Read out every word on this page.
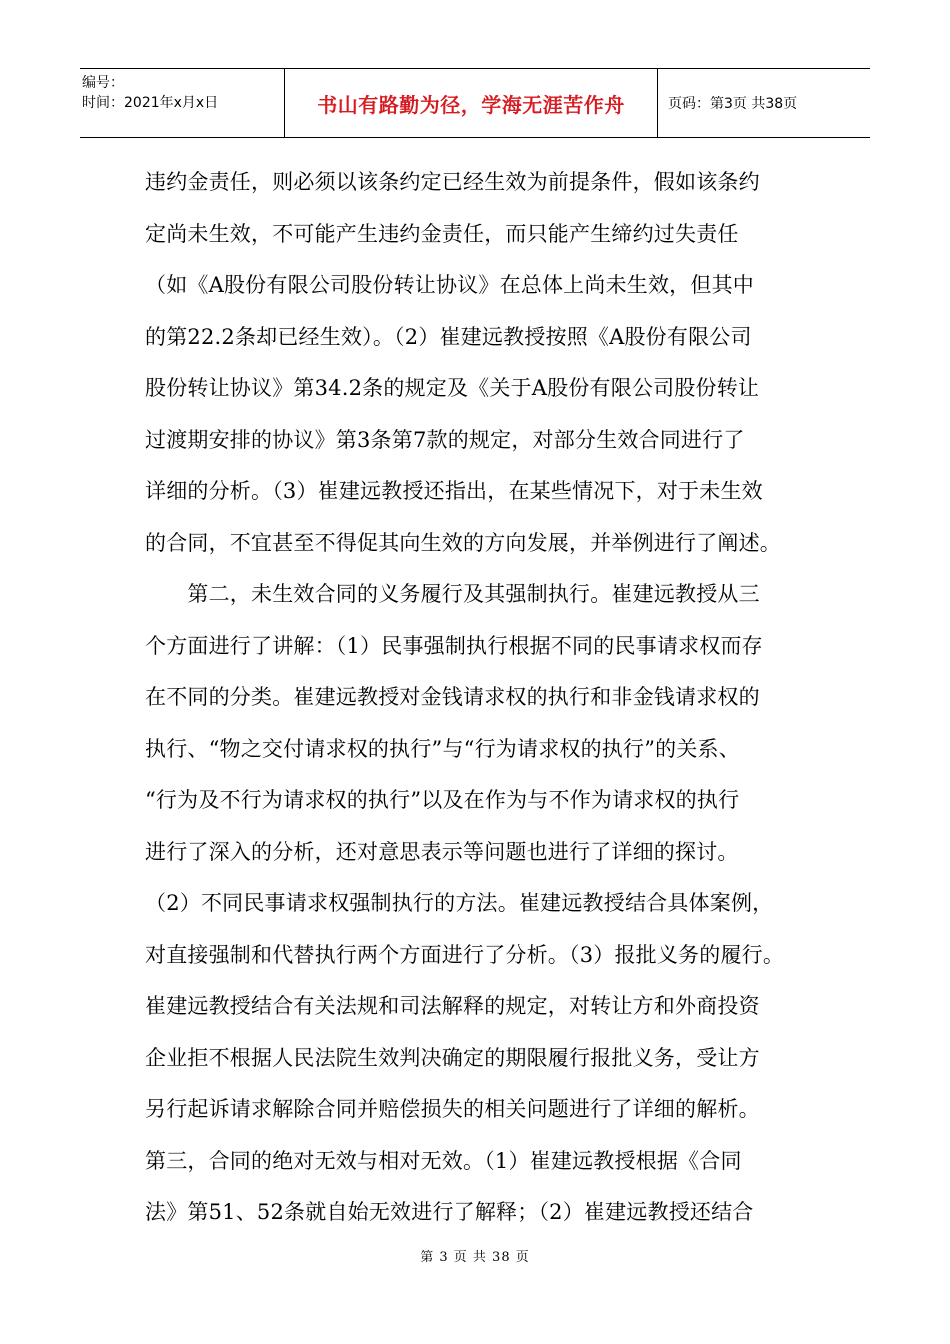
编号：
时间：2021年x月x日	书山有路勤为径，学海无涯苦作舟	页码：第3页 共38页
违约金责任，则必须以该条约定已经生效为前提条件，假如该条约
定尚未生效，不可能产生违约金责任，而只能产生缔约过失责任
（如《A股份有限公司股份转让协议》在总体上尚未生效，但其中
的第22.2条却已经生效）。（2）崔建远教授按照《A股份有限公司
股份转让协议》第34.2条的规定及《关于A股份有限公司股份转让
过渡期安排的协议》第3条第7款的规定，对部分生效合同进行了
详细的分析。（3）崔建远教授还指出，在某些情况下，对于未生效
的合同，不宜甚至不得促其向生效的方向发展，并举例进行了阐述。
　　第二，未生效合同的义务履行及其强制执行。崔建远教授从三
个方面进行了讲解：（1）民事强制执行根据不同的民事请求权而存
在不同的分类。崔建远教授对金钱请求权的执行和非金钱请求权的
执行、“物之交付请求权的执行”与“行为请求权的执行”的关系、
“行为及不行为请求权的执行”以及在作为与不作为请求权的执行
进行了深入的分析，还对意思表示等问题也进行了详细的探讨。
（2）不同民事请求权强制执行的方法。崔建远教授结合具体案例，
对直接强制和代替执行两个方面进行了分析。（3）报批义务的履行。
崔建远教授结合有关法规和司法解释的规定，对转让方和外商投资
企业拒不根据人民法院生效判决确定的期限履行报批义务，受让方
另行起诉请求解除合同并赔偿损失的相关问题进行了详细的解析。
第三，合同的绝对无效与相对无效。（1）崔建远教授根据《合同
法》第51、52条就自始无效进行了解释；（2）崔建远教授还结合
第 3 页 共 38 页
